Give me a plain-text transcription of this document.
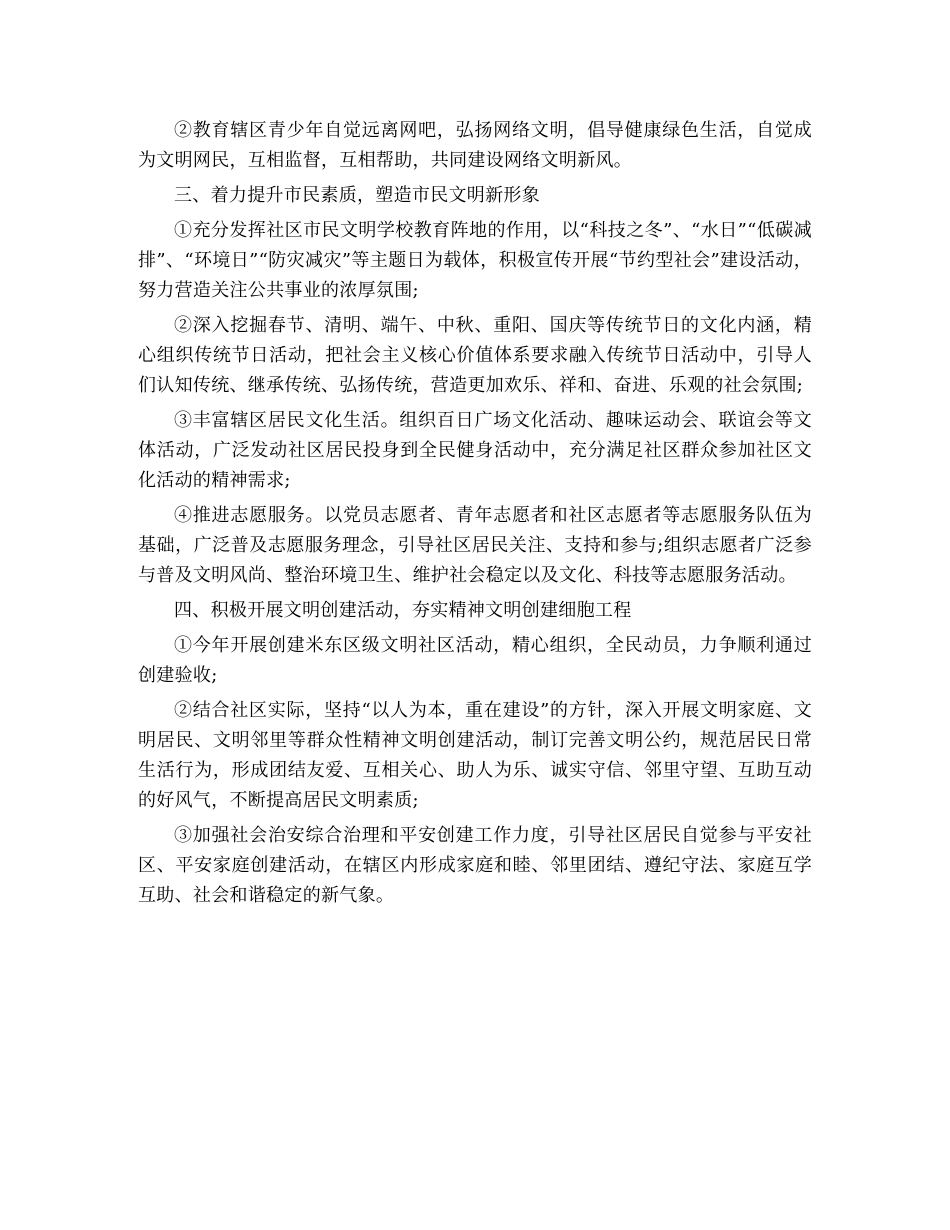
②教育辖区青少年自觉远离网吧，弘扬网络文明，倡导健康绿色生活，自觉成为文明网民，互相监督，互相帮助，共同建设网络文明新风。

三、着力提升市民素质，塑造市民文明新形象

①充分发挥社区市民文明学校教育阵地的作用，以“科技之冬”、“水日”“低碳减排”、“环境日”“防灾减灾”等主题日为载体，积极宣传开展“节约型社会”建设活动，努力营造关注公共事业的浓厚氛围;

②深入挖掘春节、清明、端午、中秋、重阳、国庆等传统节日的文化内涵，精心组织传统节日活动，把社会主义核心价值体系要求融入传统节日活动中，引导人们认知传统、继承传统、弘扬传统，营造更加欢乐、祥和、奋进、乐观的社会氛围;

③丰富辖区居民文化生活。组织百日广场文化活动、趣味运动会、联谊会等文体活动，广泛发动社区居民投身到全民健身活动中，充分满足社区群众参加社区文化活动的精神需求;

④推进志愿服务。以党员志愿者、青年志愿者和社区志愿者等志愿服务队伍为基础，广泛普及志愿服务理念，引导社区居民关注、支持和参与;组织志愿者广泛参与普及文明风尚、整治环境卫生、维护社会稳定以及文化、科技等志愿服务活动。

四、积极开展文明创建活动，夯实精神文明创建细胞工程

①今年开展创建米东区级文明社区活动，精心组织，全民动员，力争顺利通过创建验收;

②结合社区实际，坚持“以人为本，重在建设”的方针，深入开展文明家庭、文明居民、文明邻里等群众性精神文明创建活动，制订完善文明公约，规范居民日常生活行为，形成团结友爱、互相关心、助人为乐、诚实守信、邻里守望、互助互动的好风气，不断提高居民文明素质;

③加强社会治安综合治理和平安创建工作力度，引导社区居民自觉参与平安社区、平安家庭创建活动，在辖区内形成家庭和睦、邻里团结、遵纪守法、家庭互学互助、社会和谐稳定的新气象。
